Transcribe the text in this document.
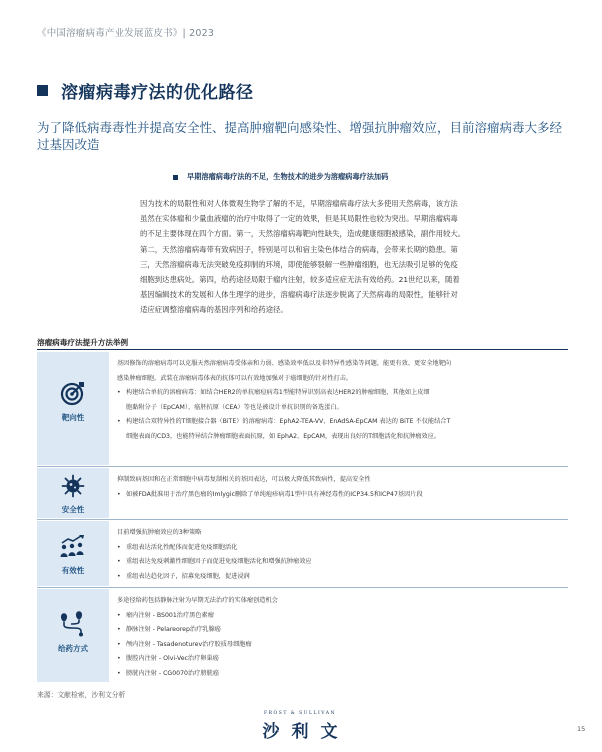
《中国溶瘤病毒产业发展蓝皮书》| 2023
溶瘤病毒疗法的优化路径
为了降低病毒毒性并提高安全性、提高肿瘤靶向感染性、增强抗肿瘤效应，目前溶瘤病毒大多经过基因改造
早期溶瘤病毒疗法的不足，生物技术的进步为溶瘤病毒疗法加码
因为技术的局限性和对人体微观生物学了解的不足，早期溶瘤病毒疗法大多使用天然病毒，该方法
虽然在实体瘤和少量血液瘤的治疗中取得了一定的效果，但是其局限性也较为突出。早期溶瘤病毒
的不足主要体现在四个方面。第一，天然溶瘤病毒靶向性缺失，造成健康细胞被感染，副作用较大。
第二，天然溶瘤病毒带有致病因子，特别是可以和宿主染色体结合的病毒，会带来长期的隐患。第
三，天然溶瘤病毒无法突破免疫抑制的环境，即使能够裂解一些肿瘤细胞，也无法吸引足够的免疫
细胞到达患病处。第四，给药途径局限于瘤内注射，较多适应症无法有效给药。21世纪以来，随着
基因编辑技术的发展和人体生理学的进步，溶瘤病毒疗法逐步脱离了天然病毒的局限性，能够针对
适应症调整溶瘤病毒的基因序列和给药途径。
溶瘤病毒疗法提升方法举例
靶向性
基因修饰的溶瘤病毒可以克服天然溶瘤病毒受体亲和力弱、感染效率低以及非特异性感染等问题，能更有效、更安全地靶向
感染肿瘤细胞。武装在溶瘤病毒体表的抗体可以有效地加强对于癌细胞的针对性打击。
• 构建结合单抗的溶瘤病毒：如结合HER2的单抗瘤痘病毒1型能特异识别高表达HER2的肿瘤细胞，其他如上皮细
胞黏附分子（EpCAM）、癌胚抗原（CEA）等也是被设计单抗识别的备选蛋白。
• 构建结合双特异性的T细胞接合器（BiTE）的溶瘤病毒：EphA2-TEA-VV、EnAdSA-EpCAM 表达的 BiTE 不仅能结合T
细胞表面的CD3，也能特异结合肿瘤细胞表面抗原，如 EphA2、EpCAM，表现出良好的T细胞活化和抗肿瘤效应。
安全性
抑制致病基因和在正常细胞中病毒复制相关的基因表达，可以极大降低其致病性，提高安全性
• 如被FDA批准用于治疗黑色瘤的Imlygic删除了单纯疱疹病毒1型中具有神经毒性的ICP34.5和ICP47基因片段
有效性
目前增强抗肿瘤效应的3种策略
• 重组表达活化性配体而促进免疫细胞活化
• 重组表达免疫刺激性细胞因子而促进免疫细胞活化和增强抗肿瘤效应
• 重组表达趋化因子，招募免疫细胞，促进浸润
给药方式
多途径给药包括静脉注射为早期无法治疗的实体瘤创造机会
• 瘤内注射 - BS001治疗黑色素瘤
• 静脉注射 - Pelareorep治疗乳腺癌
• 颅内注射 - Tasadenoturev治疗胶质母细胞瘤
• 腹腔内注射 - Olvi-Vec治疗卵巢癌
• 膀胱内注射 - CG0070治疗膀胱癌
来源：文献检索，沙利文分析
FROST & SULLIVAN
沙利文	15
